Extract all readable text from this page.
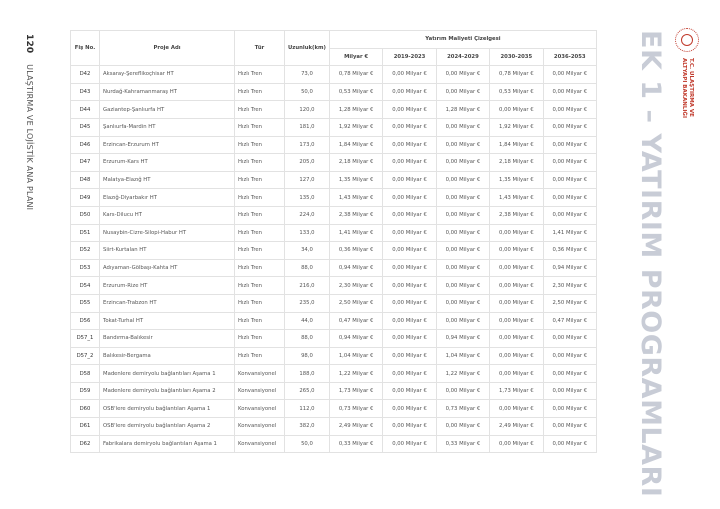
120 ULAŞTIRMA VE LOJİSTİK ANA PLANI	EK 1 – YATIRIM PROGRAMLARI	T.C. ULAŞTIRMA VE
ALTYAPI BAKANLIĞI
Fiş No.	Proje Adı	Tür	Uzunluk(km)	Yatırım Maliyeti Çizelgesi				
				Milyar €	2019-2023	2024-2029	2030-2035	2036-2053
D42	Aksaray-Şereflikoçhisar HT	Hızlı Tren	73,0	0,78 Milyar €	0,00 Milyar €	0,00 Milyar €	0,78 Milyar €	0,00 Milyar €
D43	Nurdağ-Kahramanmaraş HT	Hızlı Tren	50,0	0,53 Milyar €	0,00 Milyar €	0,00 Milyar €	0,53 Milyar €	0,00 Milyar €
D44	Gaziantep-Şanlıurfa HT	Hızlı Tren	120,0	1,28 Milyar €	0,00 Milyar €	1,28 Milyar €	0,00 Milyar €	0,00 Milyar €
D45	Şanlıurfa-Mardin HT	Hızlı Tren	181,0	1,92 Milyar €	0,00 Milyar €	0,00 Milyar €	1,92 Milyar €	0,00 Milyar €
D46	Erzincan-Erzurum HT	Hızlı Tren	173,0	1,84 Milyar €	0,00 Milyar €	0,00 Milyar €	1,84 Milyar €	0,00 Milyar €
D47	Erzurum-Kars HT	Hızlı Tren	205,0	2,18 Milyar €	0,00 Milyar €	0,00 Milyar €	2,18 Milyar €	0,00 Milyar €
D48	Malatya-Elazığ HT	Hızlı Tren	127,0	1,35 Milyar €	0,00 Milyar €	0,00 Milyar €	1,35 Milyar €	0,00 Milyar €
D49	Elazığ-Diyarbakır HT	Hızlı Tren	135,0	1,43 Milyar €	0,00 Milyar €	0,00 Milyar €	1,43 Milyar €	0,00 Milyar €
D50	Kars-Dilucu HT	Hızlı Tren	224,0	2,38 Milyar €	0,00 Milyar €	0,00 Milyar €	2,38 Milyar €	0,00 Milyar €
D51	Nusaybin-Cizre-Silopi-Habur HT	Hızlı Tren	133,0	1,41 Milyar €	0,00 Milyar €	0,00 Milyar €	0,00 Milyar €	1,41 Milyar €
D52	Siirt-Kurtalan HT	Hızlı Tren	34,0	0,36 Milyar €	0,00 Milyar €	0,00 Milyar €	0,00 Milyar €	0,36 Milyar €
D53	Adıyaman-Gölbaşı-Kahta HT	Hızlı Tren	88,0	0,94 Milyar €	0,00 Milyar €	0,00 Milyar €	0,00 Milyar €	0,94 Milyar €
D54	Erzurum-Rize HT	Hızlı Tren	216,0	2,30 Milyar €	0,00 Milyar €	0,00 Milyar €	0,00 Milyar €	2,30 Milyar €
D55	Erzincan-Trabzon HT	Hızlı Tren	235,0	2,50 Milyar €	0,00 Milyar €	0,00 Milyar €	0,00 Milyar €	2,50 Milyar €
D56	Tokat-Turhal HT	Hızlı Tren	44,0	0,47 Milyar €	0,00 Milyar €	0,00 Milyar €	0,00 Milyar €	0,47 Milyar €
D57_1	Bandırma-Balıkesir	Hızlı Tren	88,0	0,94 Milyar €	0,00 Milyar €	0,94 Milyar €	0,00 Milyar €	0,00 Milyar €
D57_2	Balıkesir-Bergama	Hızlı Tren	98,0	1,04 Milyar €	0,00 Milyar €	1,04 Milyar €	0,00 Milyar €	0,00 Milyar €
D58	Madenlere demiryolu bağlantıları Aşama 1	Konvansiyonel	188,0	1,22 Milyar €	0,00 Milyar €	1,22 Milyar €	0,00 Milyar €	0,00 Milyar €
D59	Madenlere demiryolu bağlantıları Aşama 2	Konvansiyonel	265,0	1,73 Milyar €	0,00 Milyar €	0,00 Milyar €	1,73 Milyar €	0,00 Milyar €
D60	OSB'lere demiryolu bağlantıları Aşama 1	Konvansiyonel	112,0	0,73 Milyar €	0,00 Milyar €	0,73 Milyar €	0,00 Milyar €	0,00 Milyar €
D61	OSB'lere demiryolu bağlantıları Aşama 2	Konvansiyonel	382,0	2,49 Milyar €	0,00 Milyar €	0,00 Milyar €	2,49 Milyar €	0,00 Milyar €
D62	Fabrikalara demiryolu bağlantıları Aşama 1	Konvansiyonel	50,0	0,33 Milyar €	0,00 Milyar €	0,33 Milyar €	0,00 Milyar €	0,00 Milyar €
